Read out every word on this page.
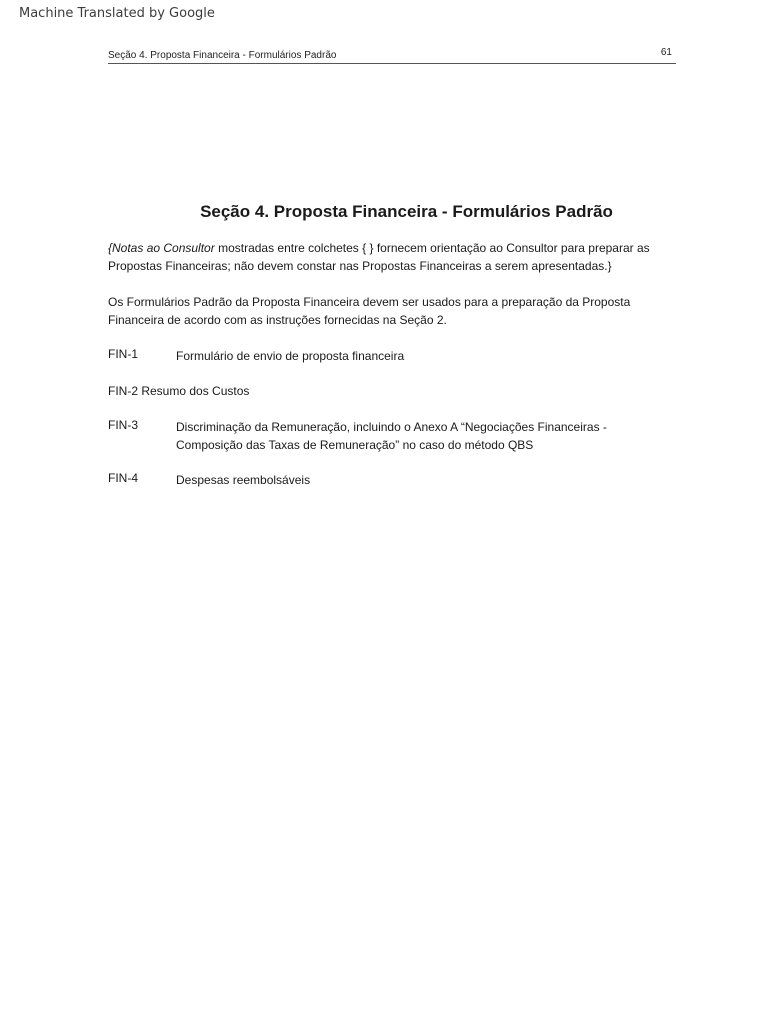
Machine Translated by Google
Seção 4. Proposta Financeira - Formulários Padrão	61
Seção 4. Proposta Financeira - Formulários Padrão

{Notas ao Consultor mostradas entre colchetes { } fornecem orientação ao Consultor para preparar as Propostas Financeiras; não devem constar nas Propostas Financeiras a serem apresentadas.}

Os Formulários Padrão da Proposta Financeira devem ser usados para a preparação da Proposta Financeira de acordo com as instruções fornecidas na Seção 2.

FIN-1	Formulário de envio de proposta financeira
FIN-2 Resumo dos Custos
FIN-3	Discriminação da Remuneração, incluindo o Anexo A “Negociações Financeiras - Composição das Taxas de Remuneração” no caso do método QBS
FIN-4	Despesas reembolsáveis
